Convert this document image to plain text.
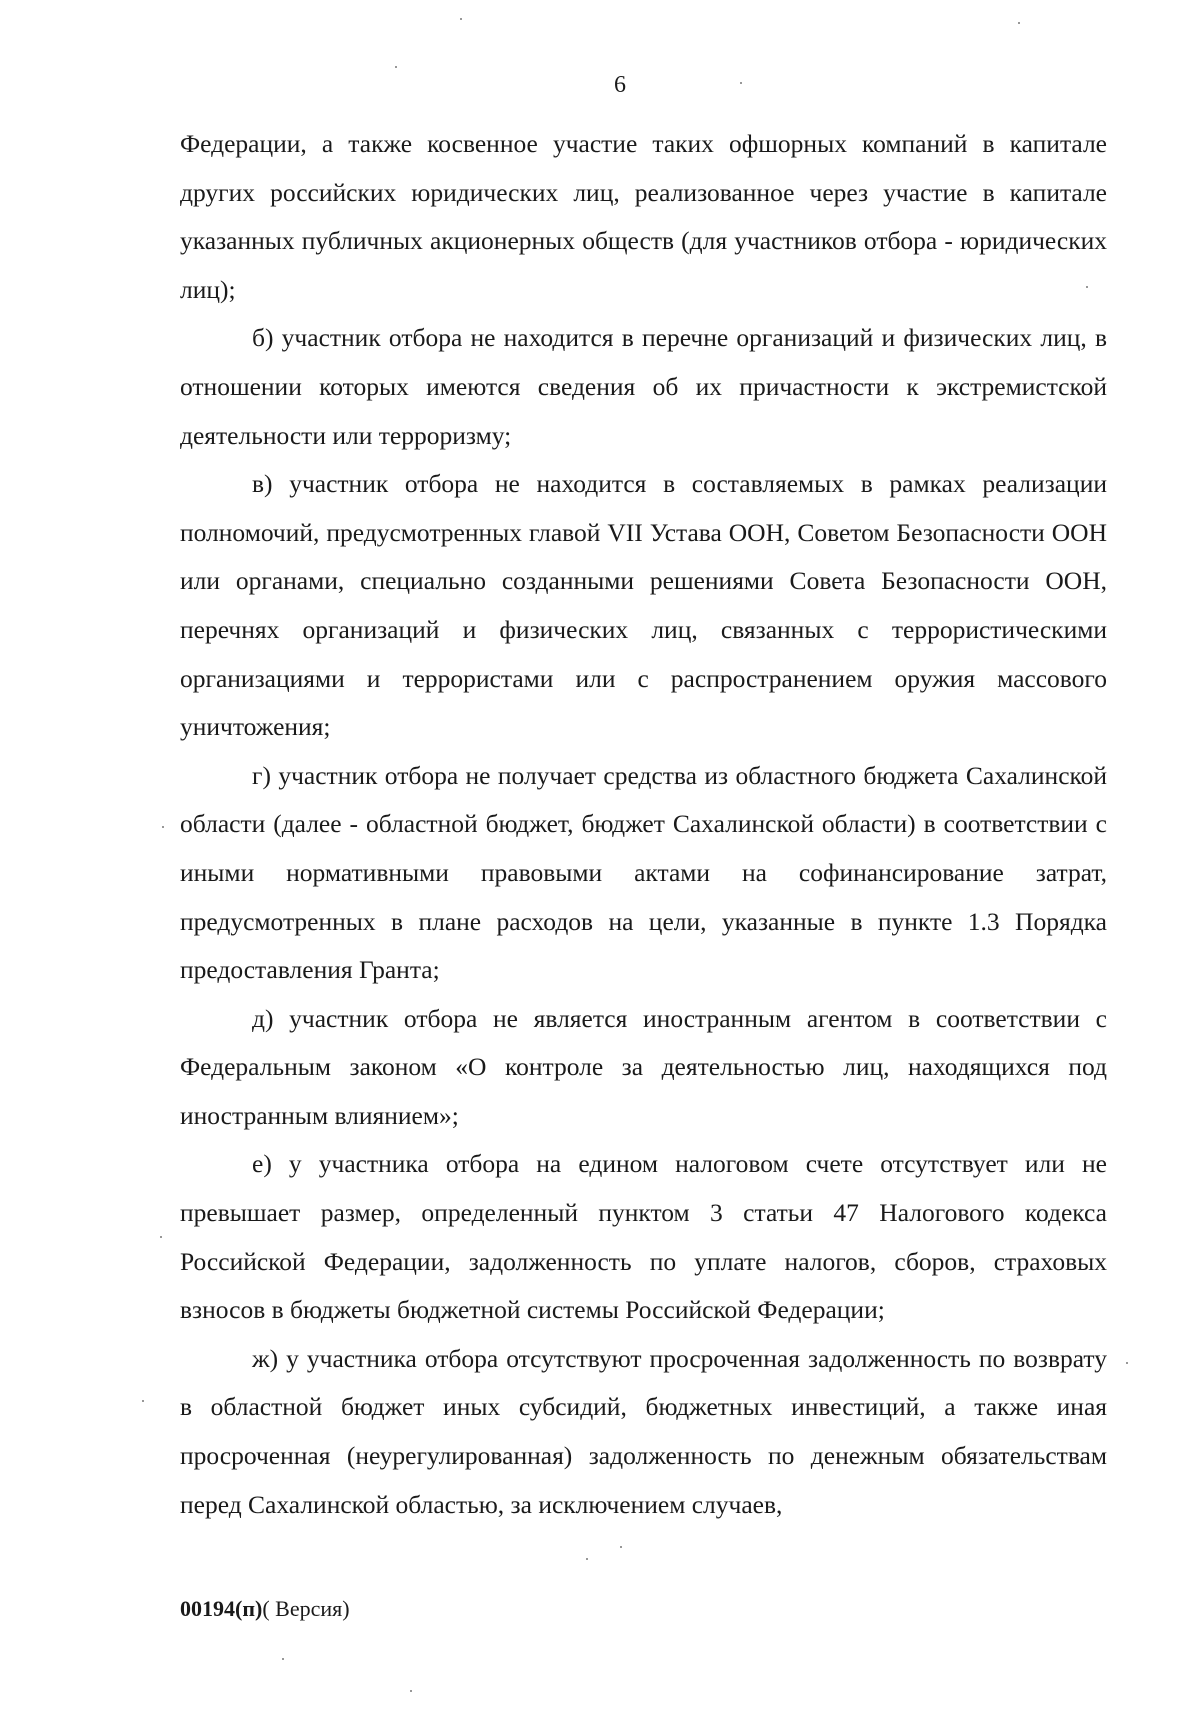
6

Федерации, а также косвенное участие таких офшорных компаний в капитале других российских юридических лиц, реализованное через участие в капитале указанных публичных акционерных обществ (для участников отбора - юридических лиц);

б) участник отбора не находится в перечне организаций и физических лиц, в отношении которых имеются сведения об их причастности к экстремистской деятельности или терроризму;

в) участник отбора не находится в составляемых в рамках реализации полномочий, предусмотренных главой VII Устава ООН, Советом Безопасности ООН или органами, специально созданными решениями Совета Безопасности ООН, перечнях организаций и физических лиц, связанных с террористическими организациями и террористами или с распространением оружия массового уничтожения;

г) участник отбора не получает средства из областного бюджета Сахалинской области (далее - областной бюджет, бюджет Сахалинской области) в соответствии с иными нормативными правовыми актами на софинансирование затрат, предусмотренных в плане расходов на цели, указанные в пункте 1.3 Порядка предоставления Гранта;

д) участник отбора не является иностранным агентом в соответствии с Федеральным законом «О контроле за деятельностью лиц, находящихся под иностранным влиянием»;

е) у участника отбора на едином налоговом счете отсутствует или не превышает размер, определенный пунктом 3 статьи 47 Налогового кодекса Российской Федерации, задолженность по уплате налогов, сборов, страховых взносов в бюджеты бюджетной системы Российской Федерации;

ж) у участника отбора отсутствуют просроченная задолженность по возврату в областной бюджет иных субсидий, бюджетных инвестиций, а также иная просроченная (неурегулированная) задолженность по денежным обязательствам перед Сахалинской областью, за исключением случаев,

00194(п)( Версия)
